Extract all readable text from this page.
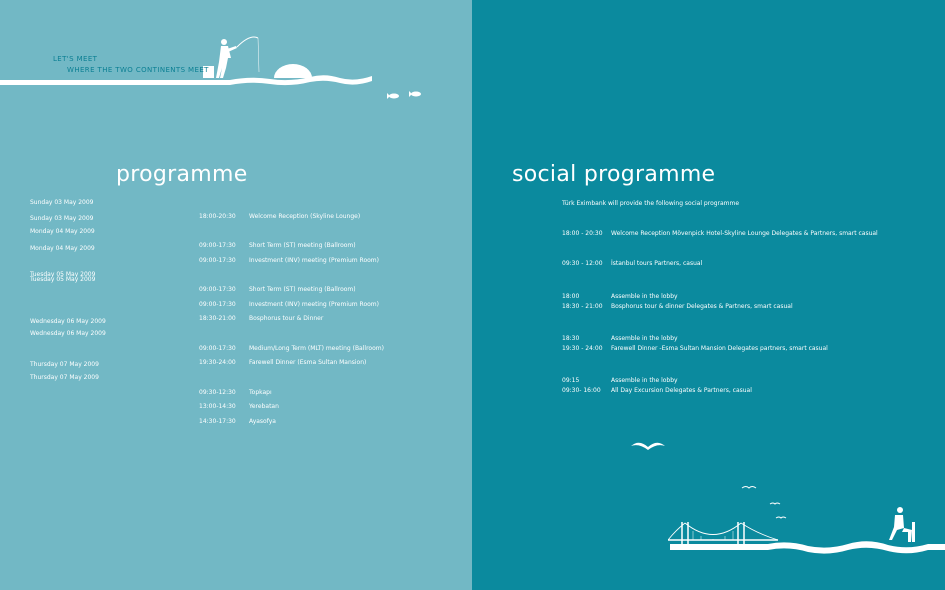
LET'S MEET
WHERE THE TWO CONTINENTS MEET
programme
Sunday 03 May 2009
18:00-20:30 Welcome Reception (Skyline Lounge)
Monday 04 May 2009
09:00-17:30 Short Term (ST) meeting (Ballroom)
09:00-17:30 Investment (INV) meeting (Premium Room)
Tuesday 05 May 2009
09:00-17:30 Short Term (ST) meeting (Ballroom)
09:00-17:30 Investment (INV) meeting (Premium Room)
18:30-21:00 Bosphorus tour & Dinner
Wednesday 06 May 2009
09:00-17:30 Medium/Long Term (MLT) meeting (Ballroom)
19:30-24:00 Farewell Dinner (Esma Sultan Mansion)
Thursday 07 May 2009
09:30-12:30 Topkapı
13:00-14:30 Yerebatan
14:30-17:30 Ayasofya
social programme
Türk Eximbank will provide the following social programme
Sunday 03 May 2009
18:00 - 20:30 Welcome Reception Mövenpick Hotel-Skyline Lounge Delegates & Partners, smart casual
Monday 04 May 2009
09:30 - 12:00 İstanbul tours Partners, casual
Tuesday 05 May 2009
18:00	Assemble in the lobby
18:30 - 21:00 Bosphorus tour & dinner Delegates & Partners, smart casual
Wednesday 06 May 2009
18:30	Assemble in the lobby
19:30 - 24:00 Farewell Dinner -Esma Sultan Mansion Delegates partners, smart casual
Thursday 07 May 2009
09:15	Assemble in the lobby
09:30- 16:00 All Day Excursion Delegates & Partners, casual
